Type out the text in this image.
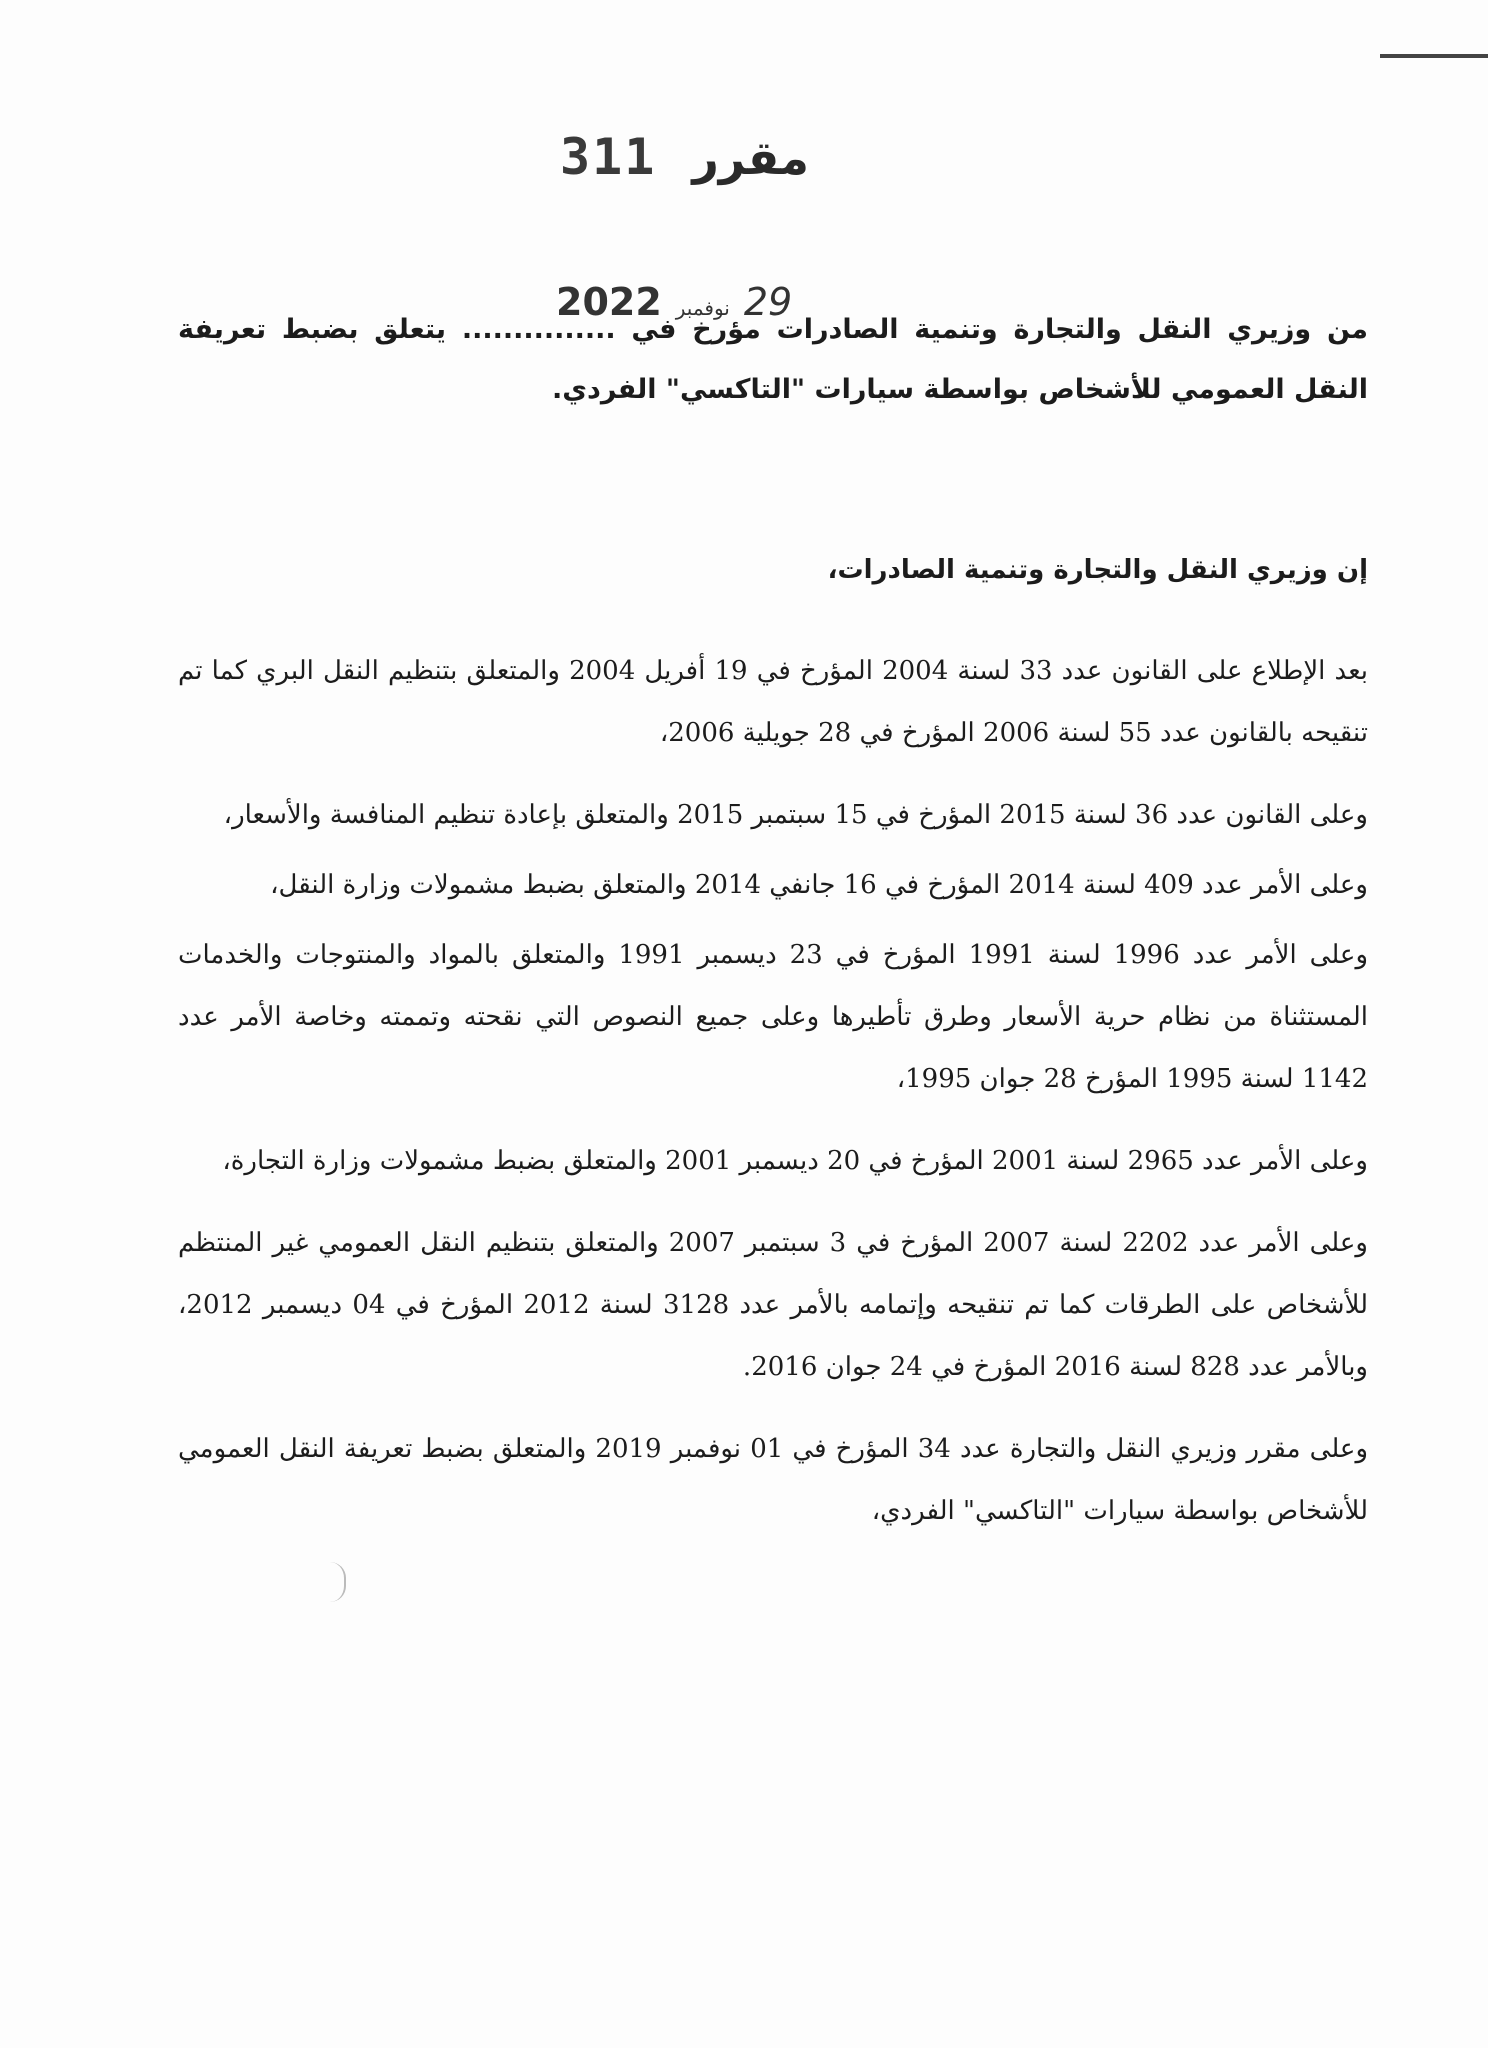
311 مقرر
2022 نوفمبر 29

من وزيري النقل والتجارة وتنمية الصادرات مؤرخ في ............... يتعلق بضبط تعريفة النقل العمومي للأشخاص بواسطة سيارات "التاكسي" الفردي.

إن وزيري النقل والتجارة وتنمية الصادرات،

بعد الإطلاع على القانون عدد 33 لسنة 2004 المؤرخ في 19 أفريل 2004 والمتعلق بتنظيم النقل البري كما تم تنقيحه بالقانون عدد 55 لسنة 2006 المؤرخ في 28 جويلية 2006،

وعلى القانون عدد 36 لسنة 2015 المؤرخ في 15 سبتمبر 2015 والمتعلق بإعادة تنظيم المنافسة والأسعار،

وعلى الأمر عدد 409 لسنة 2014 المؤرخ في 16 جانفي 2014 والمتعلق بضبط مشمولات وزارة النقل،

وعلى الأمر عدد 1996 لسنة 1991 المؤرخ في 23 ديسمبر 1991 والمتعلق بالمواد والمنتوجات والخدمات المستثناة من نظام حرية الأسعار وطرق تأطيرها وعلى جميع النصوص التي نقحته وتممته وخاصة الأمر عدد 1142 لسنة 1995 المؤرخ 28 جوان 1995،

وعلى الأمر عدد 2965 لسنة 2001 المؤرخ في 20 ديسمبر 2001 والمتعلق بضبط مشمولات وزارة التجارة،

وعلى الأمر عدد 2202 لسنة 2007 المؤرخ في 3 سبتمبر 2007 والمتعلق بتنظيم النقل العمومي غير المنتظم للأشخاص على الطرقات كما تم تنقيحه وإتمامه بالأمر عدد 3128 لسنة 2012 المؤرخ في 04 ديسمبر 2012، وبالأمر عدد 828 لسنة 2016 المؤرخ في 24 جوان 2016.

وعلى مقرر وزيري النقل والتجارة عدد 34 المؤرخ في 01 نوفمبر 2019 والمتعلق بضبط تعريفة النقل العمومي للأشخاص بواسطة سيارات "التاكسي" الفردي،
